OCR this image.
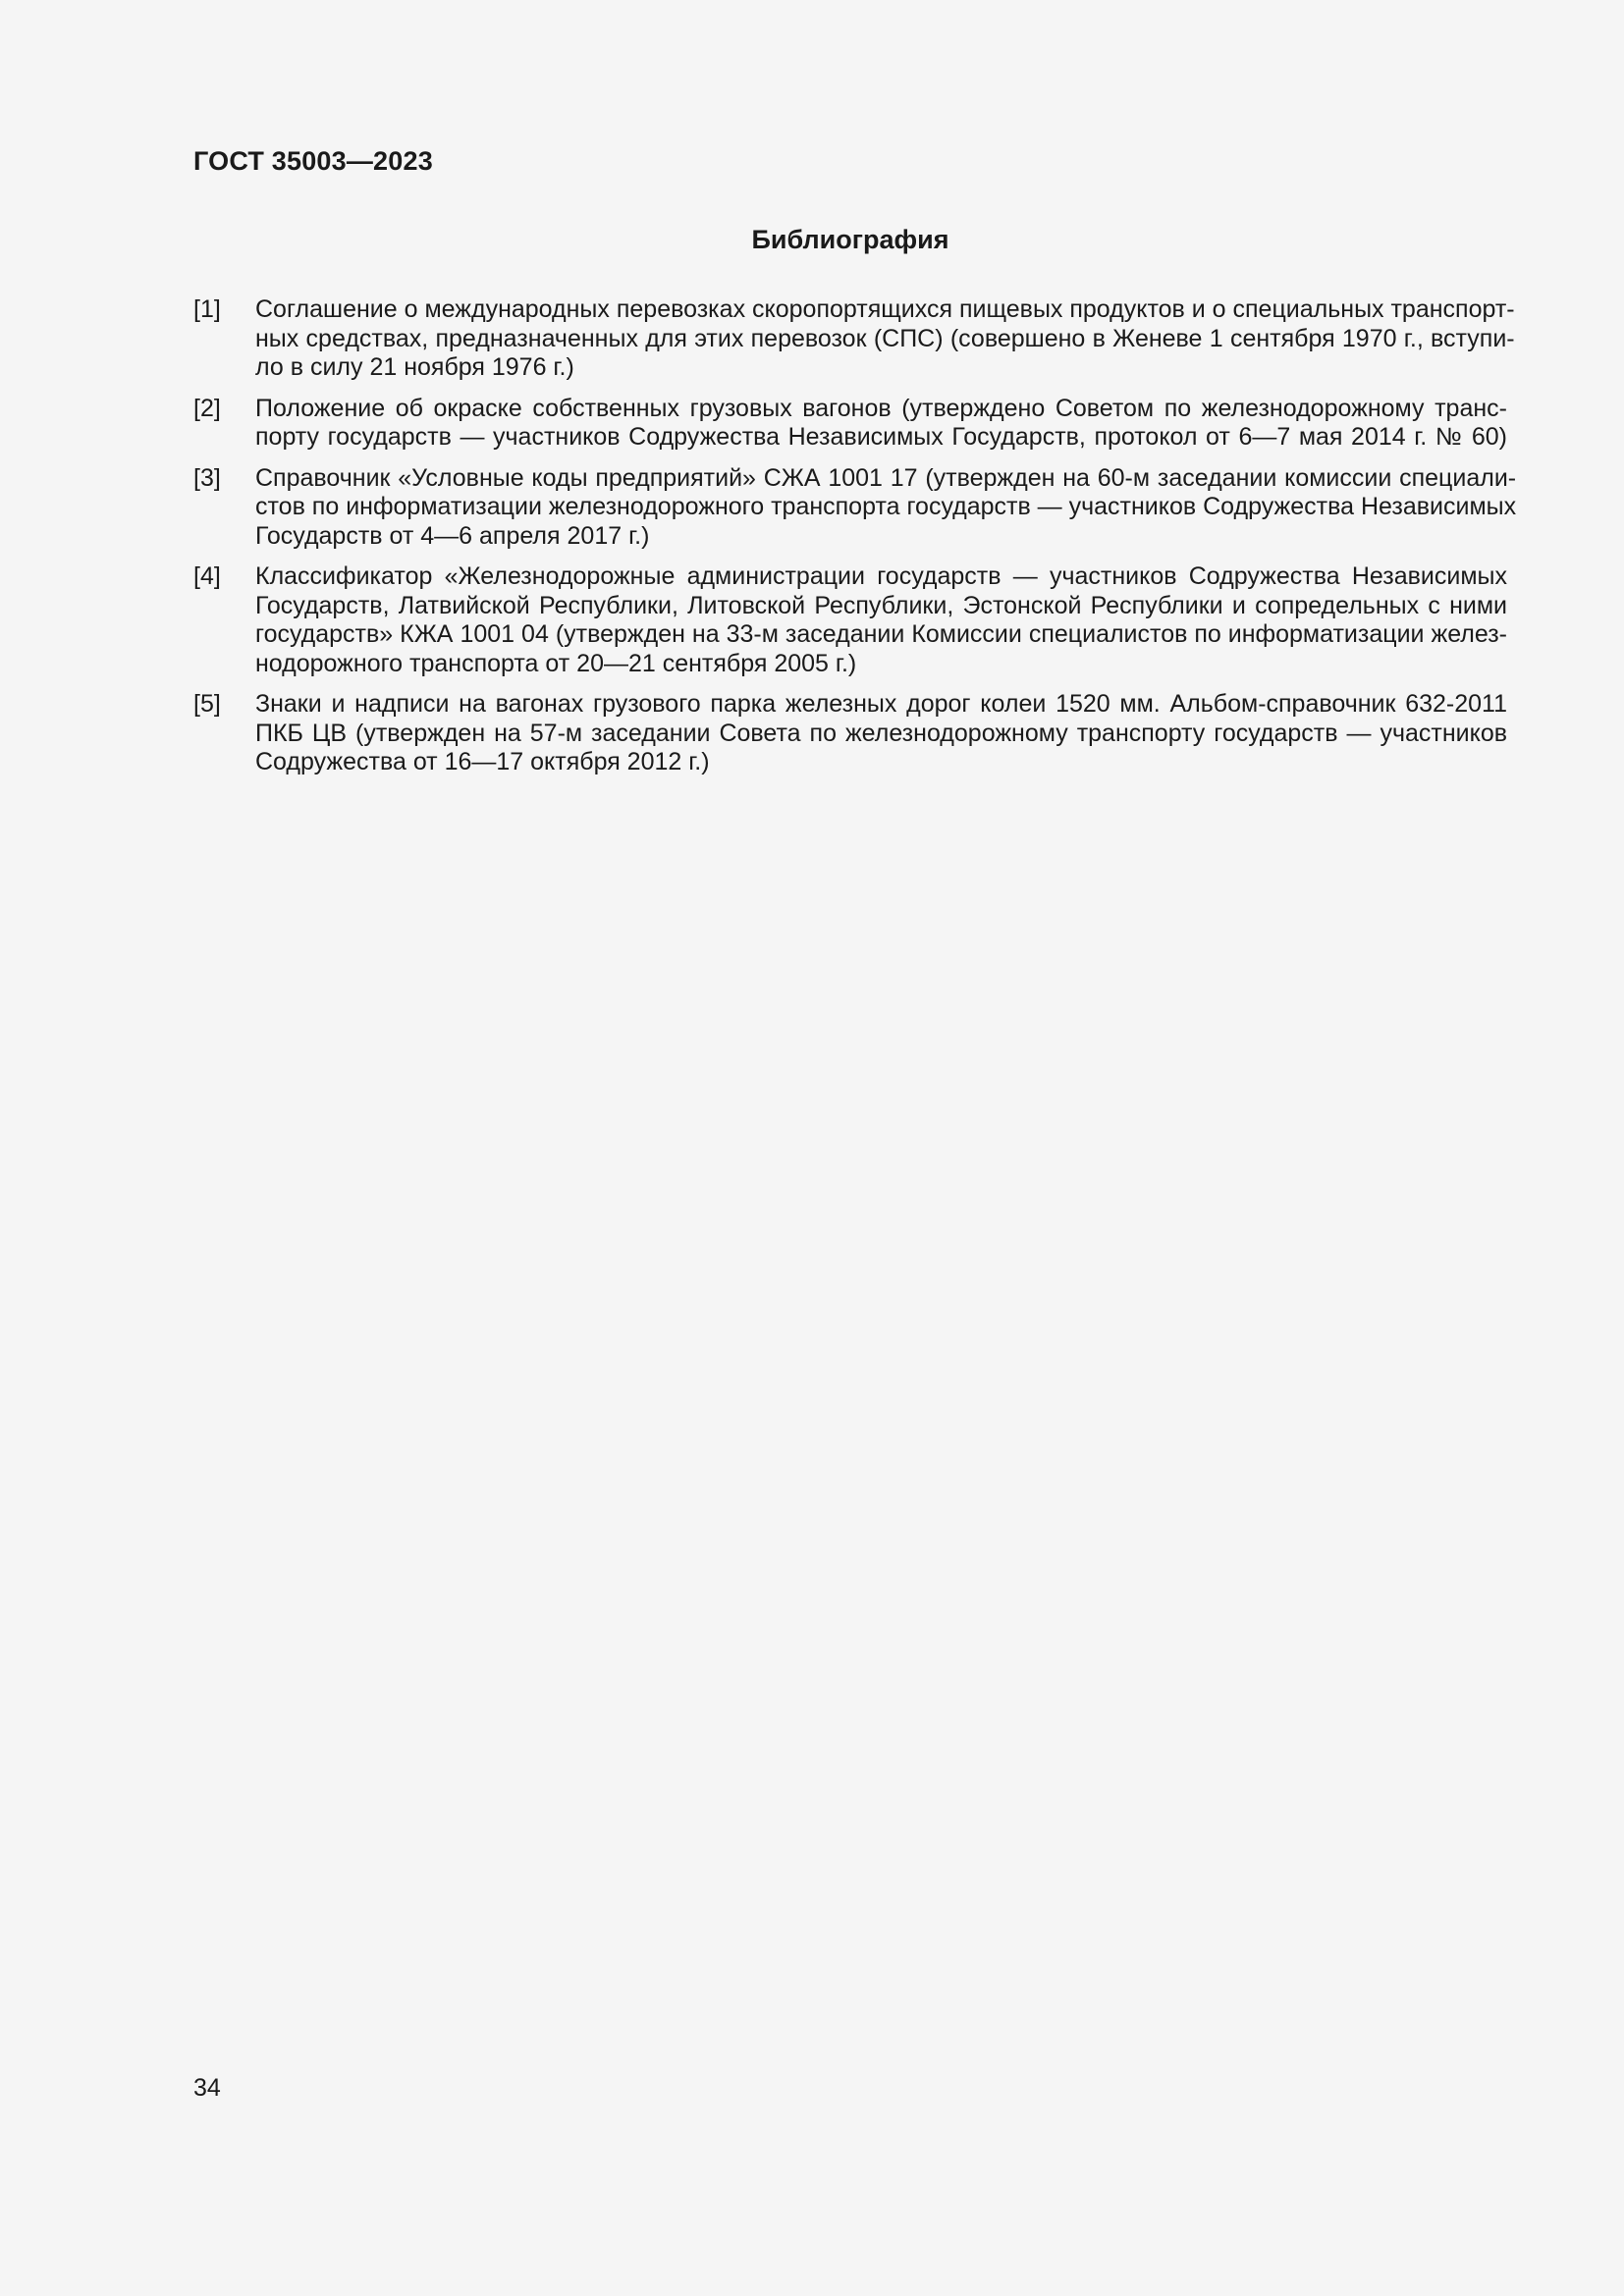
ГОСТ 35003—2023
Библиография
[1]	Соглашение о международных перевозках скоропортящихся пищевых продуктов и о специальных транспорт-
ных средствах, предназначенных для этих перевозок (СПС) (совершено в Женеве 1 сентября 1970 г., вступи-
ло в силу 21 ноября 1976 г.)
[2]	Положение об окраске собственных грузовых вагонов (утверждено Советом по железнодорожному транс-
порту государств — участников Содружества Независимых Государств, протокол от 6—7 мая 2014 г. № 60)
[3]	Справочник «Условные коды предприятий» СЖА 1001 17 (утвержден на 60-м заседании комиссии специали-
стов по информатизации железнодорожного транспорта государств — участников Содружества Независимых
Государств от 4—6 апреля 2017 г.)
[4]	Классификатор «Железнодорожные администрации государств — участников Содружества Независимых
Государств, Латвийской Республики, Литовской Республики, Эстонской Республики и сопредельных с ними
государств» КЖА 1001 04 (утвержден на 33-м заседании Комиссии специалистов по информатизации желез-
нодорожного транспорта от 20—21 сентября 2005 г.)
[5]	Знаки и надписи на вагонах грузового парка железных дорог колеи 1520 мм. Альбом-справочник 632-2011
ПКБ ЦВ (утвержден на 57-м заседании Совета по железнодорожному транспорту государств — участников
Содружества от 16—17 октября 2012 г.)
34
